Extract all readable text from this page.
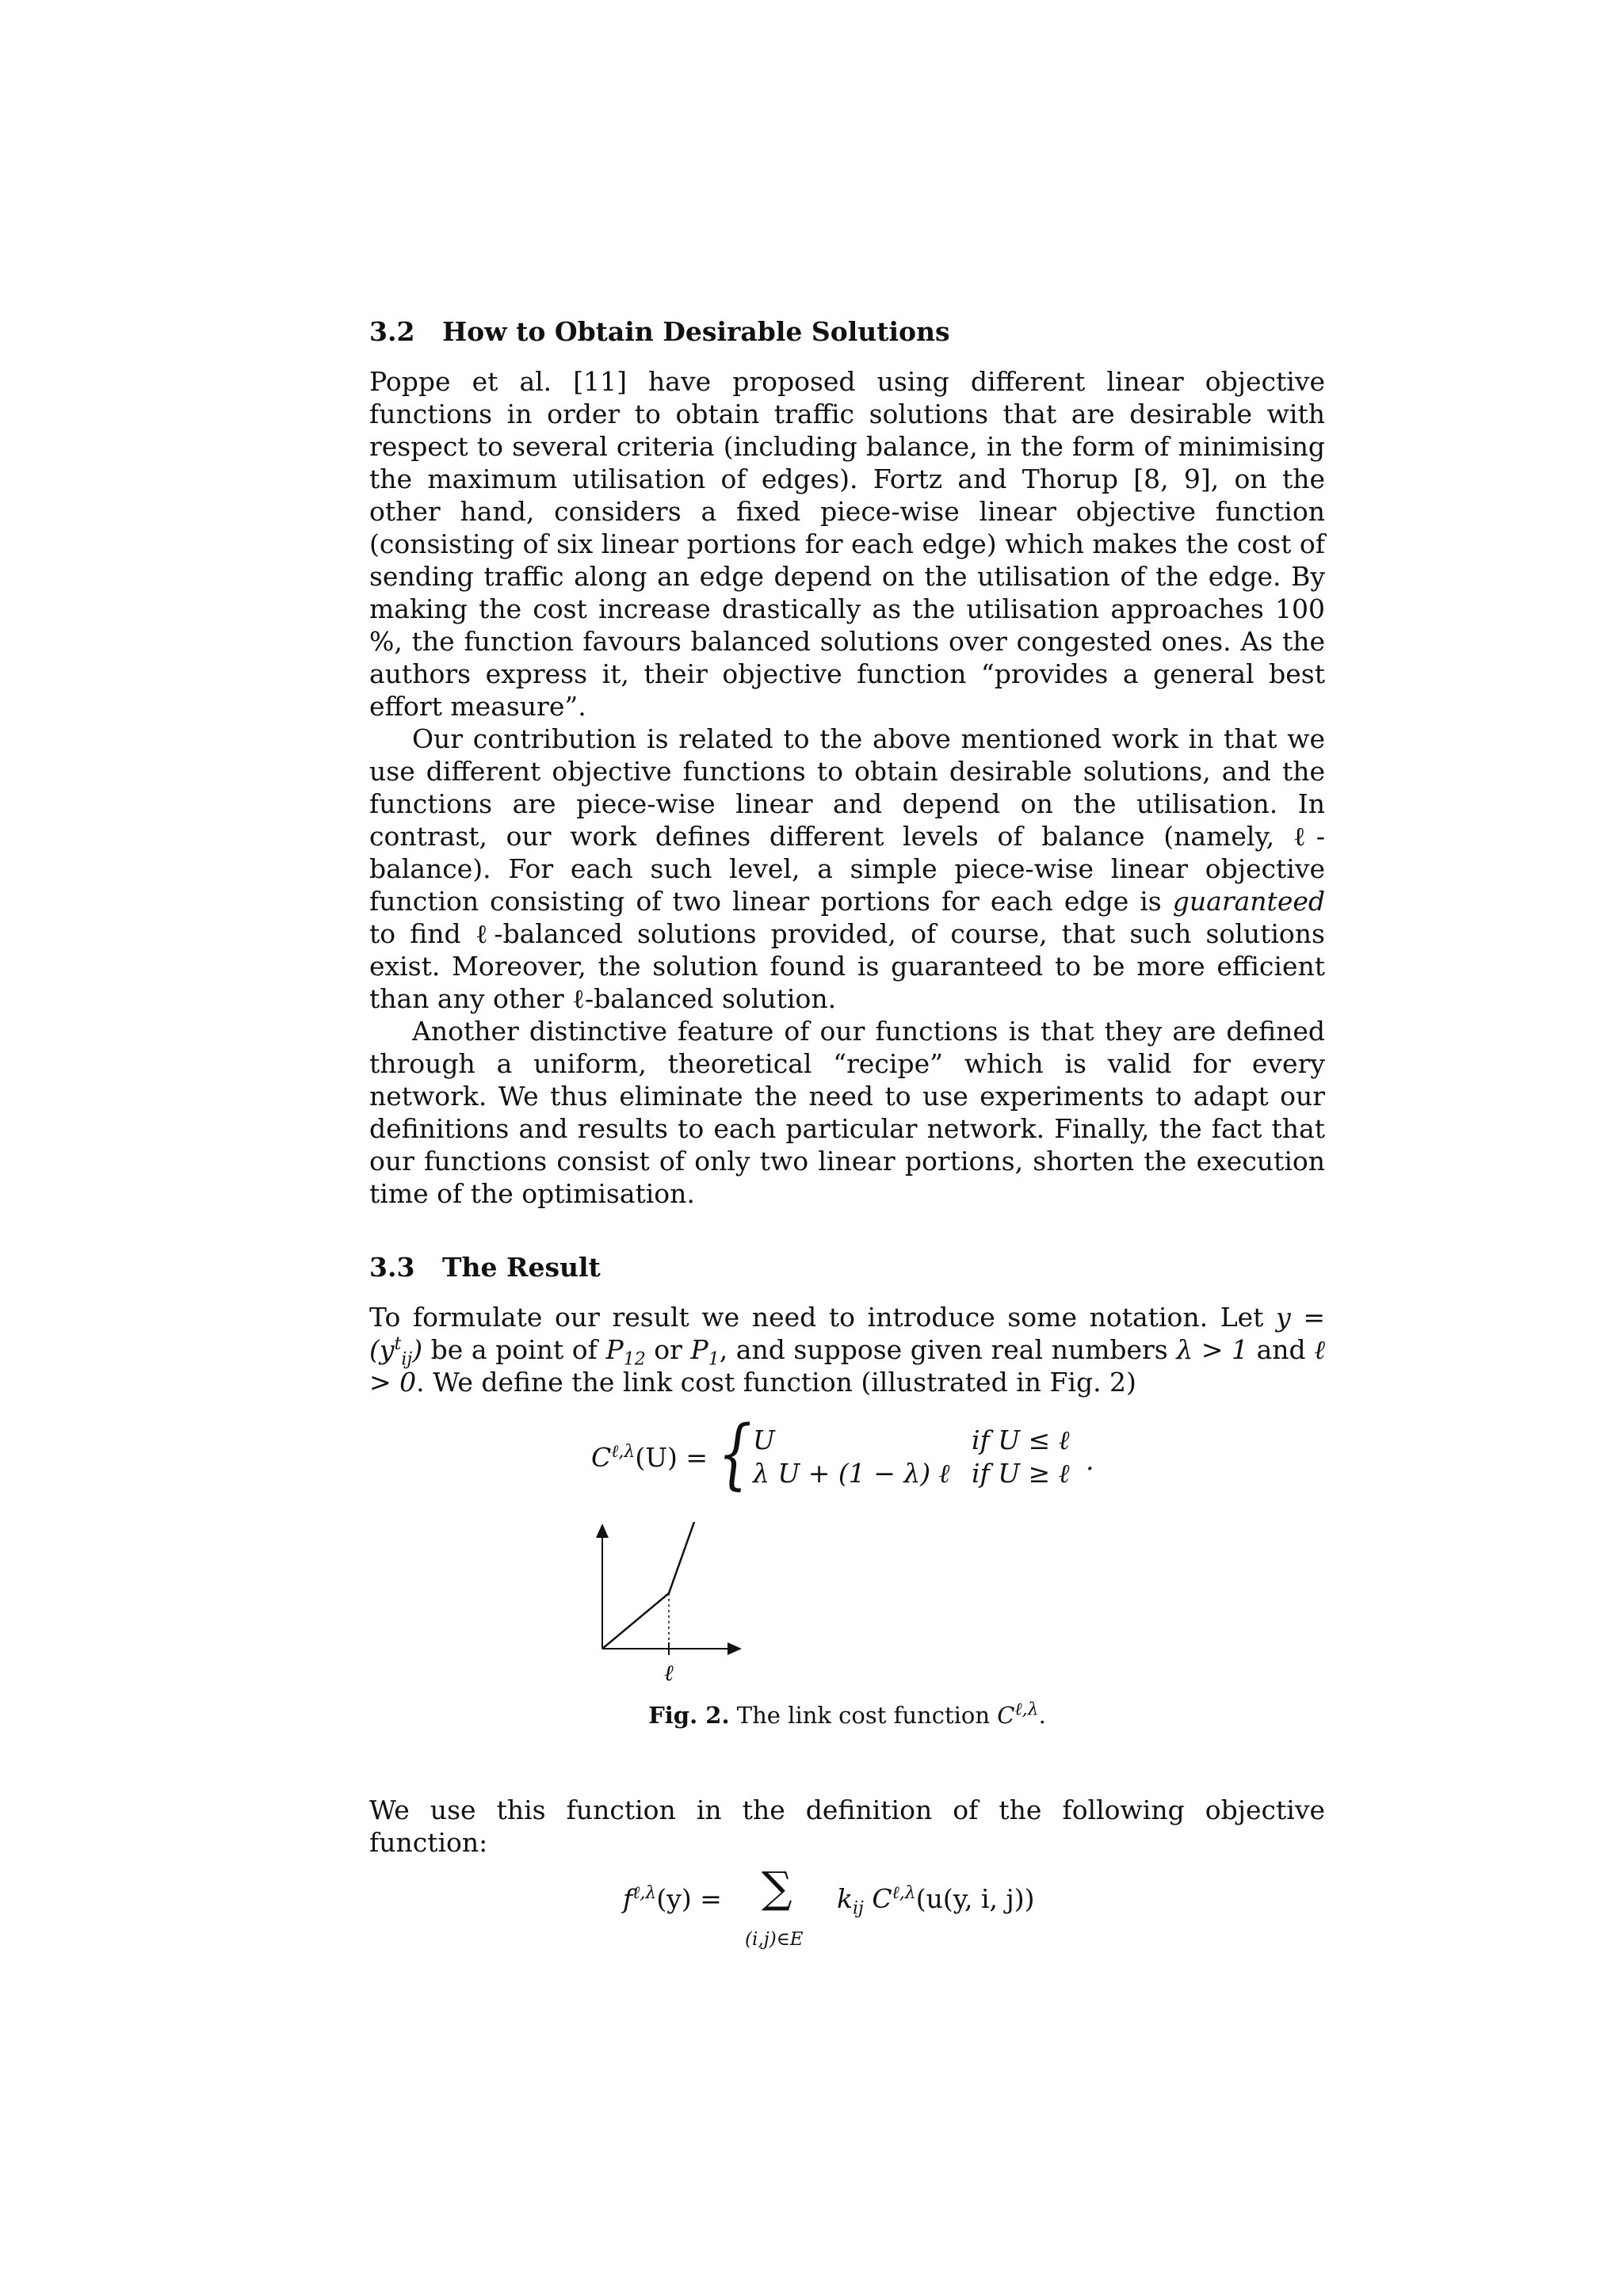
3.2 How to Obtain Desirable Solutions

Poppe et al. [11] have proposed using different linear objective functions in order to obtain traffic solutions that are desirable with respect to several criteria (including balance, in the form of minimising the maximum utilisation of edges). Fortz and Thorup [8, 9], on the other hand, considers a fixed piece-wise linear objective function (consisting of six linear portions for each edge) which makes the cost of sending traffic along an edge depend on the utilisation of the edge. By making the cost increase drastically as the utilisation approaches 100 %, the function favours balanced solutions over congested ones. As the authors express it, their objective function “provides a general best effort measure”.

Our contribution is related to the above mentioned work in that we use different objective functions to obtain desirable solutions, and the functions are piece-wise linear and depend on the utilisation. In contrast, our work defines different levels of balance (namely, ℓ-balance). For each such level, a simple piece-wise linear objective function consisting of two linear portions for each edge is guaranteed to find ℓ-balanced solutions provided, of course, that such solutions exist. Moreover, the solution found is guaranteed to be more efficient than any other ℓ-balanced solution.

Another distinctive feature of our functions is that they are defined through a uniform, theoretical “recipe” which is valid for every network. We thus eliminate the need to use experiments to adapt our definitions and results to each particular network. Finally, the fact that our functions consist of only two linear portions, shorten the execution time of the optimisation.

3.3 The Result

To formulate our result we need to introduce some notation. Let $y = (y^t_{ij})$ be a point of $P_{12}$ or $P_1$, and suppose given real numbers λ > 1 and ℓ > 0. We define the link cost function (illustrated in Fig. 2)

$C^{\ell,\lambda}(U)$ = { U
λ U + (1 − λ) ℓ
if U ≤ ℓ
if U ≥ ℓ .
ℓ
Fig. 2. The link cost function $C^{\ell,\lambda}$.

We use this function in the definition of the following objective function:

$f^{\ell,\lambda}(y)$ = ∑
(i,j)∈E
$k_{ij}$ $C^{\ell,\lambda}(u(y$, i, j))
